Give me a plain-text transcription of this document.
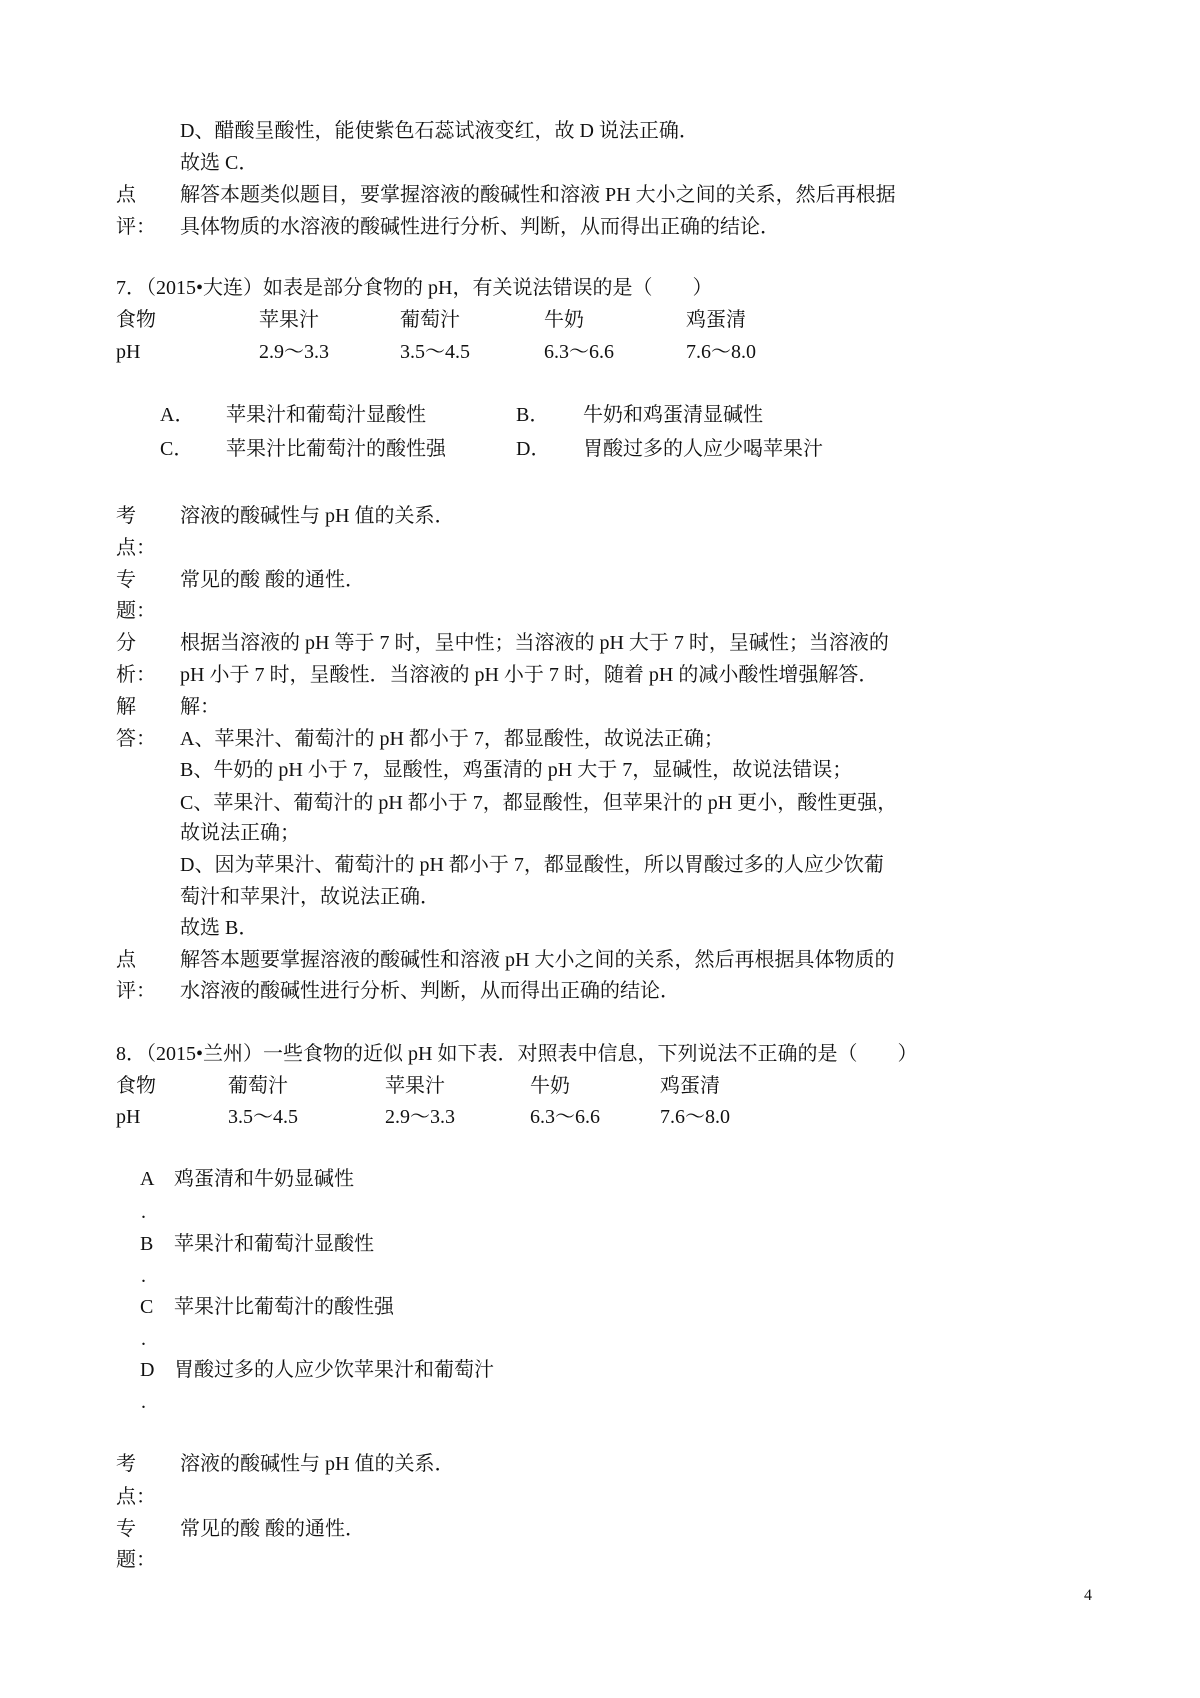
D、醋酸呈酸性，能使紫色石蕊试液变红，故 D 说法正确．
故选 C．
点
评：
解答本题类似题目，要掌握溶液的酸碱性和溶液 PH 大小之间的关系，然后再根据
具体物质的水溶液的酸碱性进行分析、判断，从而得出正确的结论．
7．（2015•大连）如表是部分食物的 pH，有关说法错误的是（　　）
食物	苹果汁	葡萄汁	牛奶	鸡蛋清
pH	2.9～3.3	3.5～4.5	6.3～6.6	7.6～8.0
A． 苹果汁和葡萄汁显酸性	B． 牛奶和鸡蛋清显碱性
C． 苹果汁比葡萄汁的酸性强	D． 胃酸过多的人应少喝苹果汁
考
点：
溶液的酸碱性与 pH 值的关系．
专
题：
常见的酸 酸的通性．
分
析：
根据当溶液的 pH 等于 7 时，呈中性；当溶液的 pH 大于 7 时，呈碱性；当溶液的
pH 小于 7 时，呈酸性．当溶液的 pH 小于 7 时，随着 pH 的减小酸性增强解答．
解
答：
解：
A、苹果汁、葡萄汁的 pH 都小于 7，都显酸性，故说法正确；
B、牛奶的 pH 小于 7，显酸性，鸡蛋清的 pH 大于 7，显碱性，故说法错误；
C、苹果汁、葡萄汁的 pH 都小于 7，都显酸性，但苹果汁的 pH 更小，酸性更强，
故说法正确；
D、因为苹果汁、葡萄汁的 pH 都小于 7，都显酸性，所以胃酸过多的人应少饮葡
萄汁和苹果汁，故说法正确．
故选 B．
点
评：
解答本题要掌握溶液的酸碱性和溶液 pH 大小之间的关系，然后再根据具体物质的
水溶液的酸碱性进行分析、判断，从而得出正确的结论．
8．（2015•兰州）一些食物的近似 pH 如下表．对照表中信息，下列说法不正确的是（　　）
食物	葡萄汁	苹果汁	牛奶	鸡蛋清
pH	3.5～4.5	2.9～3.3	6.3～6.6	7.6～8.0
A 鸡蛋清和牛奶显碱性
.
B 苹果汁和葡萄汁显酸性
.
C 苹果汁比葡萄汁的酸性强
.
D 胃酸过多的人应少饮苹果汁和葡萄汁
.
考
点：
溶液的酸碱性与 pH 值的关系．
专
题：
常见的酸 酸的通性．
4
